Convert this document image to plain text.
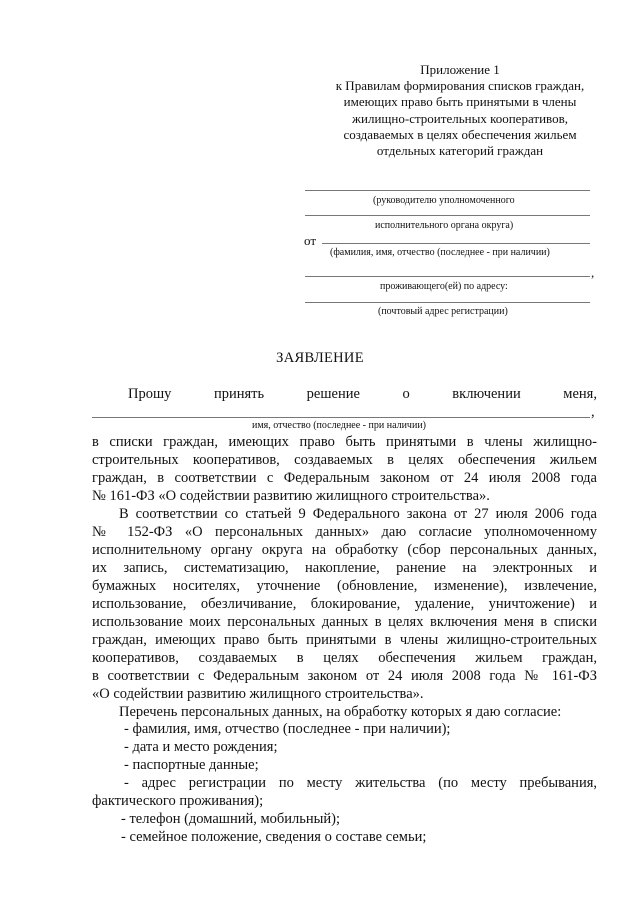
Приложение 1
к Правилам формирования списков граждан,
имеющих право быть принятыми в члены
жилищно-строительных кооперативов,
создаваемых в целях обеспечения жильем
отдельных категорий граждан
(руководителю уполномоченного
исполнительного органа округа)
от
(фамилия, имя, отчество (последнее - при наличии)
,
проживающего(ей) по адресу:
(почтовый адрес регистрации)
ЗАЯВЛЕНИЕ
Прошу	принять	решение	о	включении	меня,
,
имя, отчество (последнее - при наличии)
в списки граждан, имеющих право быть принятыми в члены жилищно-
строительных кооперативов, создаваемых в целях обеспечения жильем
граждан, в соответствии с Федеральным законом от 24 июля 2008 года
№ 161-ФЗ «О содействии развитию жилищного строительства».
В соответствии со статьей 9 Федерального закона от 27 июля 2006 года
№ 152-ФЗ «О персональных данных» даю согласие уполномоченному
исполнительному органу округа на обработку (сбор персональных данных,
их запись, систематизацию, накопление, ранение на электронных и
бумажных носителях, уточнение (обновление, изменение), извлечение,
использование, обезличивание, блокирование, удаление, уничтожение) и
использование моих персональных данных в целях включения меня в списки
граждан, имеющих право быть принятыми в члены жилищно-строительных
кооперативов, создаваемых в целях обеспечения жильем граждан,
в соответствии с Федеральным законом от 24 июля 2008 года № 161-ФЗ
«О содействии развитию жилищного строительства».
Перечень персональных данных, на обработку которых я даю согласие:
- фамилия, имя, отчество (последнее - при наличии);
- дата и место рождения;
- паспортные данные;
- адрес регистрации по месту жительства (по месту пребывания,
фактического проживания);
- телефон (домашний, мобильный);
- семейное положение, сведения о составе семьи;
